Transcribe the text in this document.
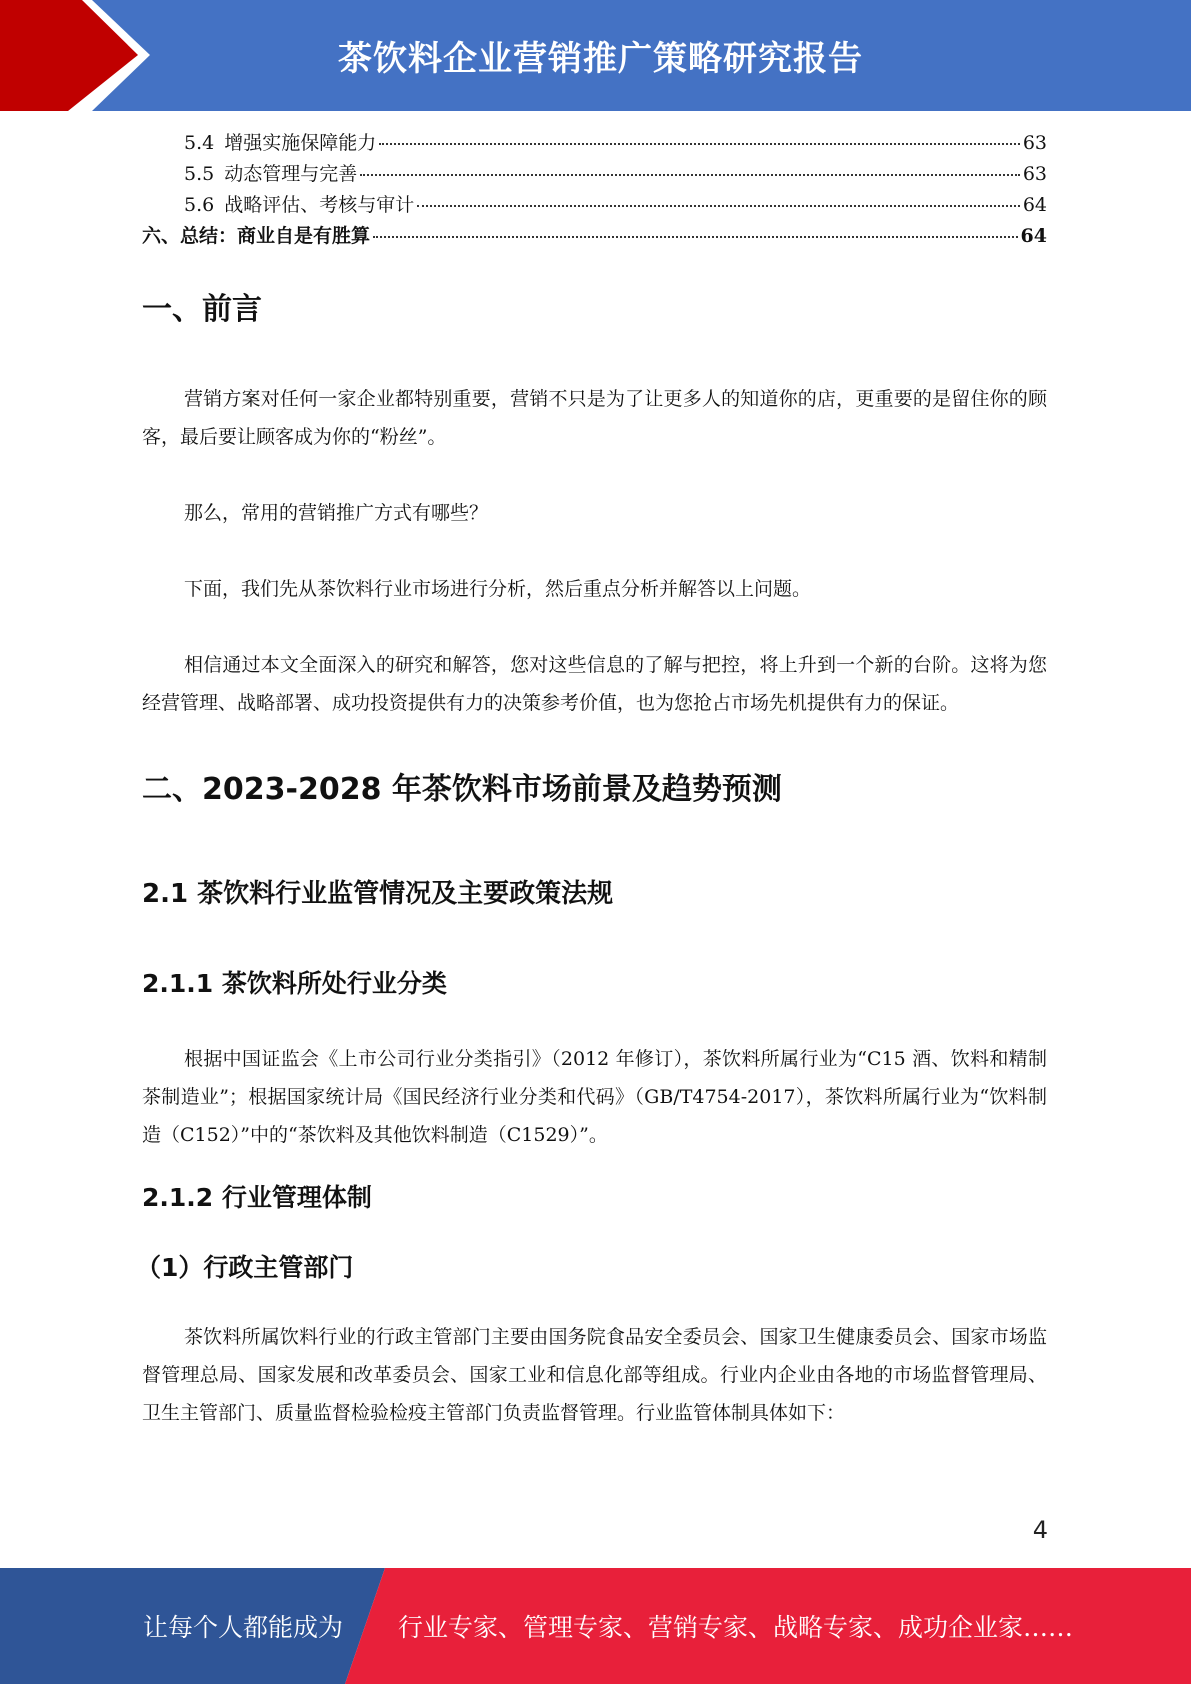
茶饮料企业营销推广策略研究报告
5.4 增强实施保障能力	63
5.5 动态管理与完善	63
5.6 战略评估、考核与审计	64
六、总结：商业自是有胜算	64
一、前言

营销方案对任何一家企业都特别重要，营销不只是为了让更多人的知道你的店，更重要的是留住你的顾客，最后要让顾客成为你的“粉丝”。

那么，常用的营销推广方式有哪些？

下面，我们先从茶饮料行业市场进行分析，然后重点分析并解答以上问题。

相信通过本文全面深入的研究和解答，您对这些信息的了解与把控，将上升到一个新的台阶。这将为您经营管理、战略部署、成功投资提供有力的决策参考价值，也为您抢占市场先机提供有力的保证。

二、2023-2028 年茶饮料市场前景及趋势预测
2.1 茶饮料行业监管情况及主要政策法规
2.1.1 茶饮料所处行业分类

根据中国证监会《上市公司行业分类指引》（2012 年修订），茶饮料所属行业为“C15 酒、饮料和精制茶制造业”；根据国家统计局《国民经济行业分类和代码》（GB/T4754-2017），茶饮料所属行业为“饮料制造（C152）”中的“茶饮料及其他饮料制造（C1529）”。

2.1.2 行业管理体制
（1）行政主管部门

茶饮料所属饮料行业的行政主管部门主要由国务院食品安全委员会、国家卫生健康委员会、国家市场监督管理总局、国家发展和改革委员会、国家工业和信息化部等组成。行业内企业由各地的市场监督管理局、卫生主管部门、质量监督检验检疫主管部门负责监督管理。行业监管体制具体如下：

4
让每个人都能成为 行业专家、管理专家、营销专家、战略专家、成功企业家……
